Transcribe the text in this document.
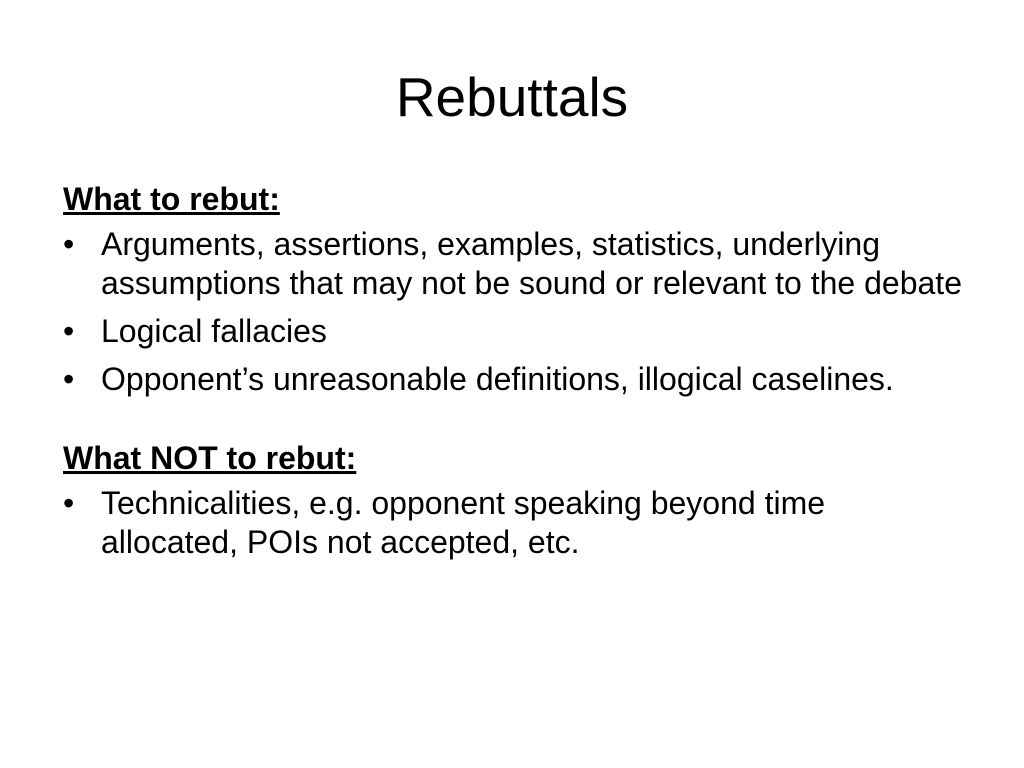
Rebuttals
What to rebut:
• Arguments, assertions, examples, statistics, underlying assumptions that may not be sound or relevant to the debate
• Logical fallacies
• Opponent’s unreasonable definitions, illogical caselines.
What NOT to rebut:
• Technicalities, e.g. opponent speaking beyond time allocated, POIs not accepted, etc.
